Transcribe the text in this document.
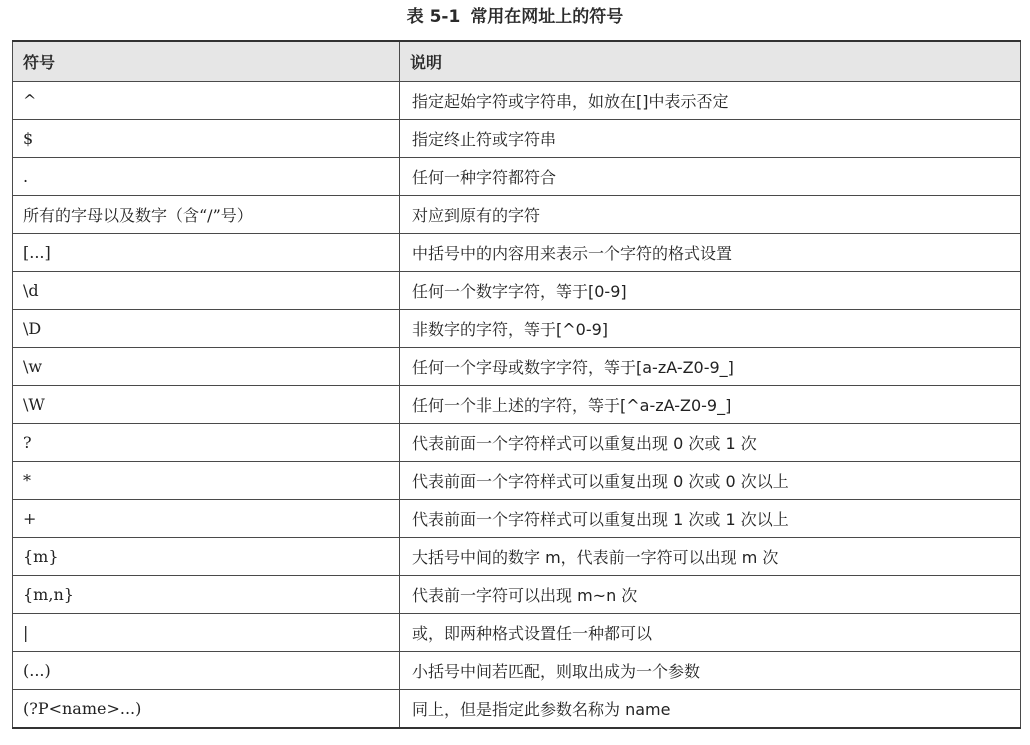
表 5-1 常用在网址上的符号
符号	说明
^	指定起始字符或字符串，如放在[]中表示否定
$	指定终止符或字符串
.	任何一种字符都符合
所有的字母以及数字（含“/”号）	对应到原有的字符
[...]	中括号中的内容用来表示一个字符的格式设置
\d	任何一个数字字符，等于[0-9]
\D	非数字的字符，等于[^0-9]
\w	任何一个字母或数字字符，等于[a-zA-Z0-9_]
\W	任何一个非上述的字符，等于[^a-zA-Z0-9_]
?	代表前面一个字符样式可以重复出现 0 次或 1 次
*	代表前面一个字符样式可以重复出现 0 次或 0 次以上
+	代表前面一个字符样式可以重复出现 1 次或 1 次以上
{m}	大括号中间的数字 m，代表前一字符可以出现 m 次
{m,n}	代表前一字符可以出现 m~n 次
|	或，即两种格式设置任一种都可以
(...)	小括号中间若匹配，则取出成为一个参数
(?P<name>...)	同上，但是指定此参数名称为 name
